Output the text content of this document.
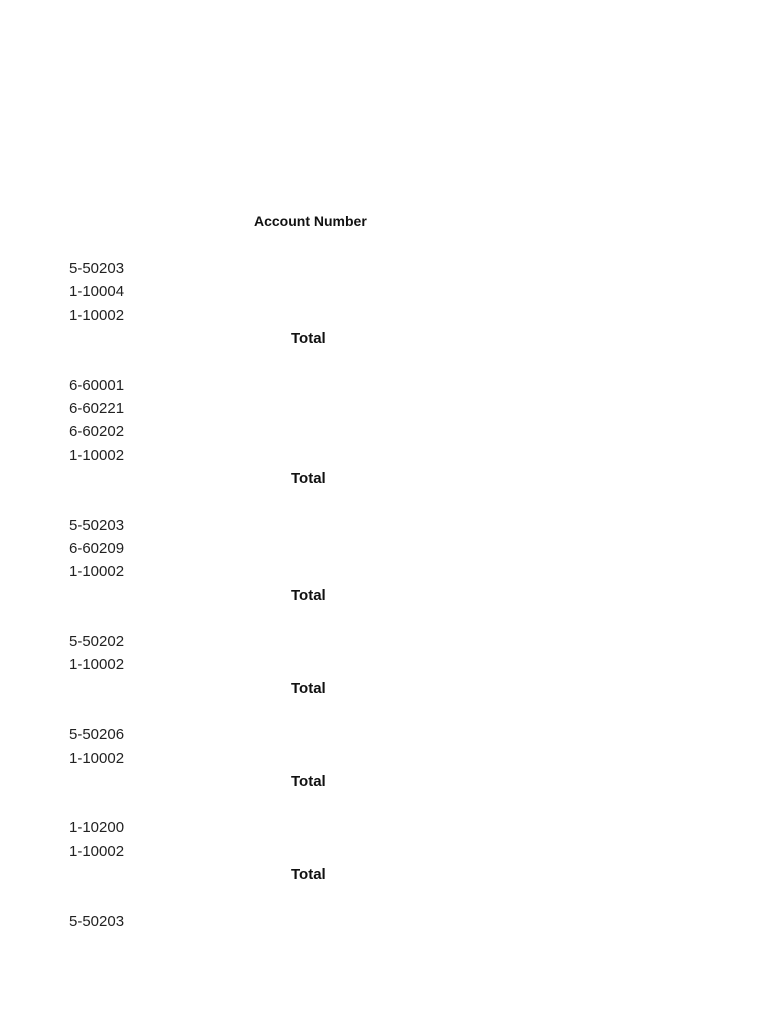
Account Number
5-50203
1-10004
1-10002
Total
6-60001
6-60221
6-60202
1-10002
Total
5-50203
6-60209
1-10002
Total
5-50202
1-10002
Total
5-50206
1-10002
Total
1-10200
1-10002
Total
5-50203
